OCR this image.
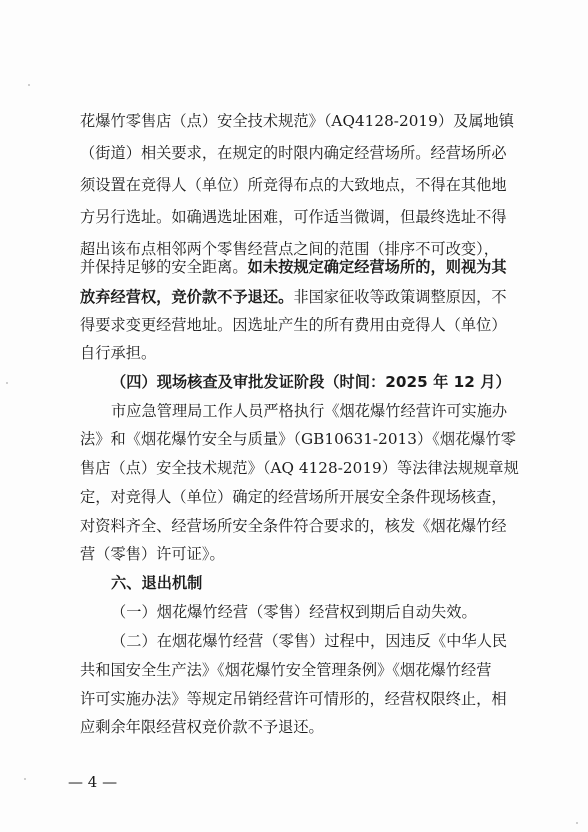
花爆竹零售店（点）安全技术规范》（AQ4128-2019）及属地镇
（街道）相关要求，在规定的时限内确定经营场所。经营场所必
须设置在竞得人（单位）所竞得布点的大致地点，不得在其他地
方另行选址。如确遇选址困难，可作适当微调，但最终选址不得
超出该布点相邻两个零售经营点之间的范围（排序不可改变），
并保持足够的安全距离。如未按规定确定经营场所的，则视为其
放弃经营权，竞价款不予退还。非国家征收等政策调整原因，不
得要求变更经营地址。因选址产生的所有费用由竞得人（单位）
自行承担。
（四）现场核查及审批发证阶段（时间：2025 年 12 月）
市应急管理局工作人员严格执行《烟花爆竹经营许可实施办
法》和《烟花爆竹安全与质量》（GB10631-2013）《烟花爆竹零
售店（点）安全技术规范》（AQ 4128-2019）等法律法规规章规
定，对竞得人（单位）确定的经营场所开展安全条件现场核查，
对资料齐全、经营场所安全条件符合要求的，核发《烟花爆竹经
营（零售）许可证》。
六、退出机制
（一）烟花爆竹经营（零售）经营权到期后自动失效。
（二）在烟花爆竹经营（零售）过程中，因违反《中华人民
共和国安全生产法》《烟花爆竹安全管理条例》《烟花爆竹经营
许可实施办法》等规定吊销经营许可情形的，经营权限终止，相
应剩余年限经营权竞价款不予退还。
— 4 —
